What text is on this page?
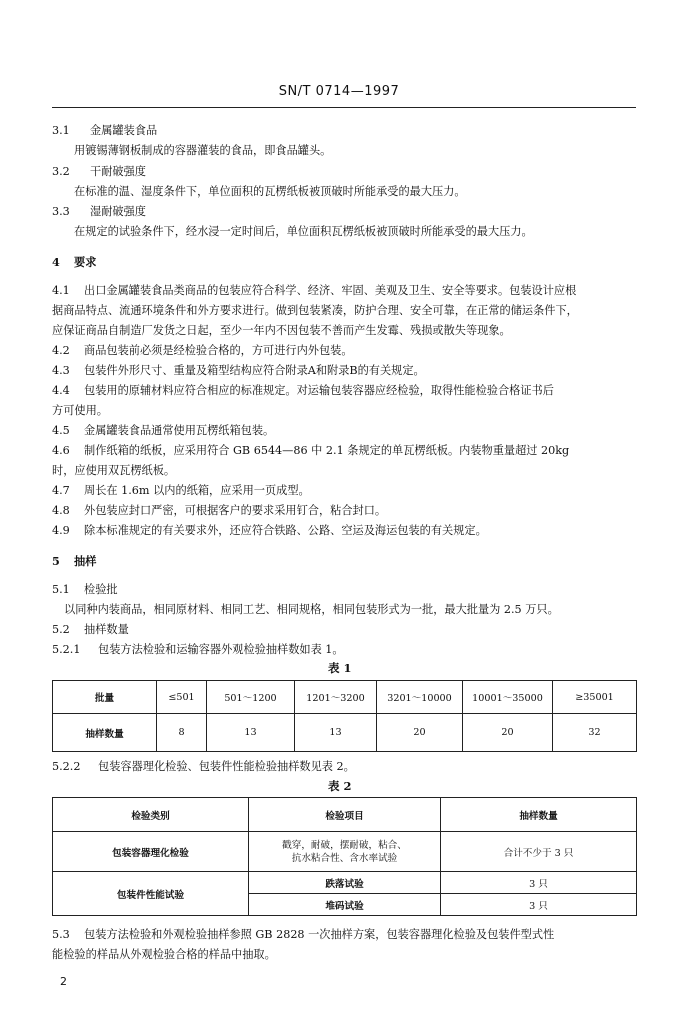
SN/T 0714—1997
3.1 金属罐装食品
用镀锡薄钢板制成的容器灌装的食品，即食品罐头。
3.2 干耐破强度
在标准的温、湿度条件下，单位面积的瓦楞纸板被顶破时所能承受的最大压力。
3.3 湿耐破强度
在规定的试验条件下，经水浸一定时间后，单位面积瓦楞纸板被顶破时所能承受的最大压力。
4 要求
4.1 出口金属罐装食品类商品的包装应符合科学、经济、牢固、美观及卫生、安全等要求。包装设计应根
据商品特点、流通环境条件和外方要求进行。做到包装紧凑，防护合理、安全可靠，在正常的储运条件下，
应保证商品自制造厂发货之日起，至少一年内不因包装不善而产生发霉、残损或散失等现象。
4.2 商品包装前必须是经检验合格的，方可进行内外包装。
4.3 包装件外形尺寸、重量及箱型结构应符合附录A和附录B的有关规定。
4.4 包装用的原辅材料应符合相应的标准规定。对运输包装容器应经检验，取得性能检验合格证书后
方可使用。
4.5 金属罐装食品通常使用瓦楞纸箱包装。
4.6 制作纸箱的纸板，应采用符合 GB 6544—86 中 2.1 条规定的单瓦楞纸板。内装物重量超过 20kg
时，应使用双瓦楞纸板。
4.7 周长在 1.6m 以内的纸箱，应采用一页成型。
4.8 外包装应封口严密，可根据客户的要求采用钉合，粘合封口。
4.9 除本标准规定的有关要求外，还应符合铁路、公路、空运及海运包装的有关规定。
5 抽样
5.1 检验批
以同种内装商品，相同原材料、相同工艺、相同规格，相同包装形式为一批，最大批量为 2.5 万只。
5.2 抽样数量
5.2.1 包装方法检验和运输容器外观检验抽样数如表 1。
表 1
批量	≤501	501～1200	1201～3200	3201～10000	10001～35000	≥35001
抽样数量	8	13	13	20	20	32
5.2.2 包装容器理化检验、包装件性能检验抽样数见表 2。
表 2
检验类别	检验项目	抽样数量
包装容器理化检验	戳穿，耐破，摆耐破，粘合、
抗水粘合性、含水率试验	合计不少于 3 只
包装件性能试验	跌落试验	3 只
	堆码试验	3 只
5.3 包装方法检验和外观检验抽样参照 GB 2828 一次抽样方案，包装容器理化检验及包装件型式性
能检验的样品从外观检验合格的样品中抽取。
2
